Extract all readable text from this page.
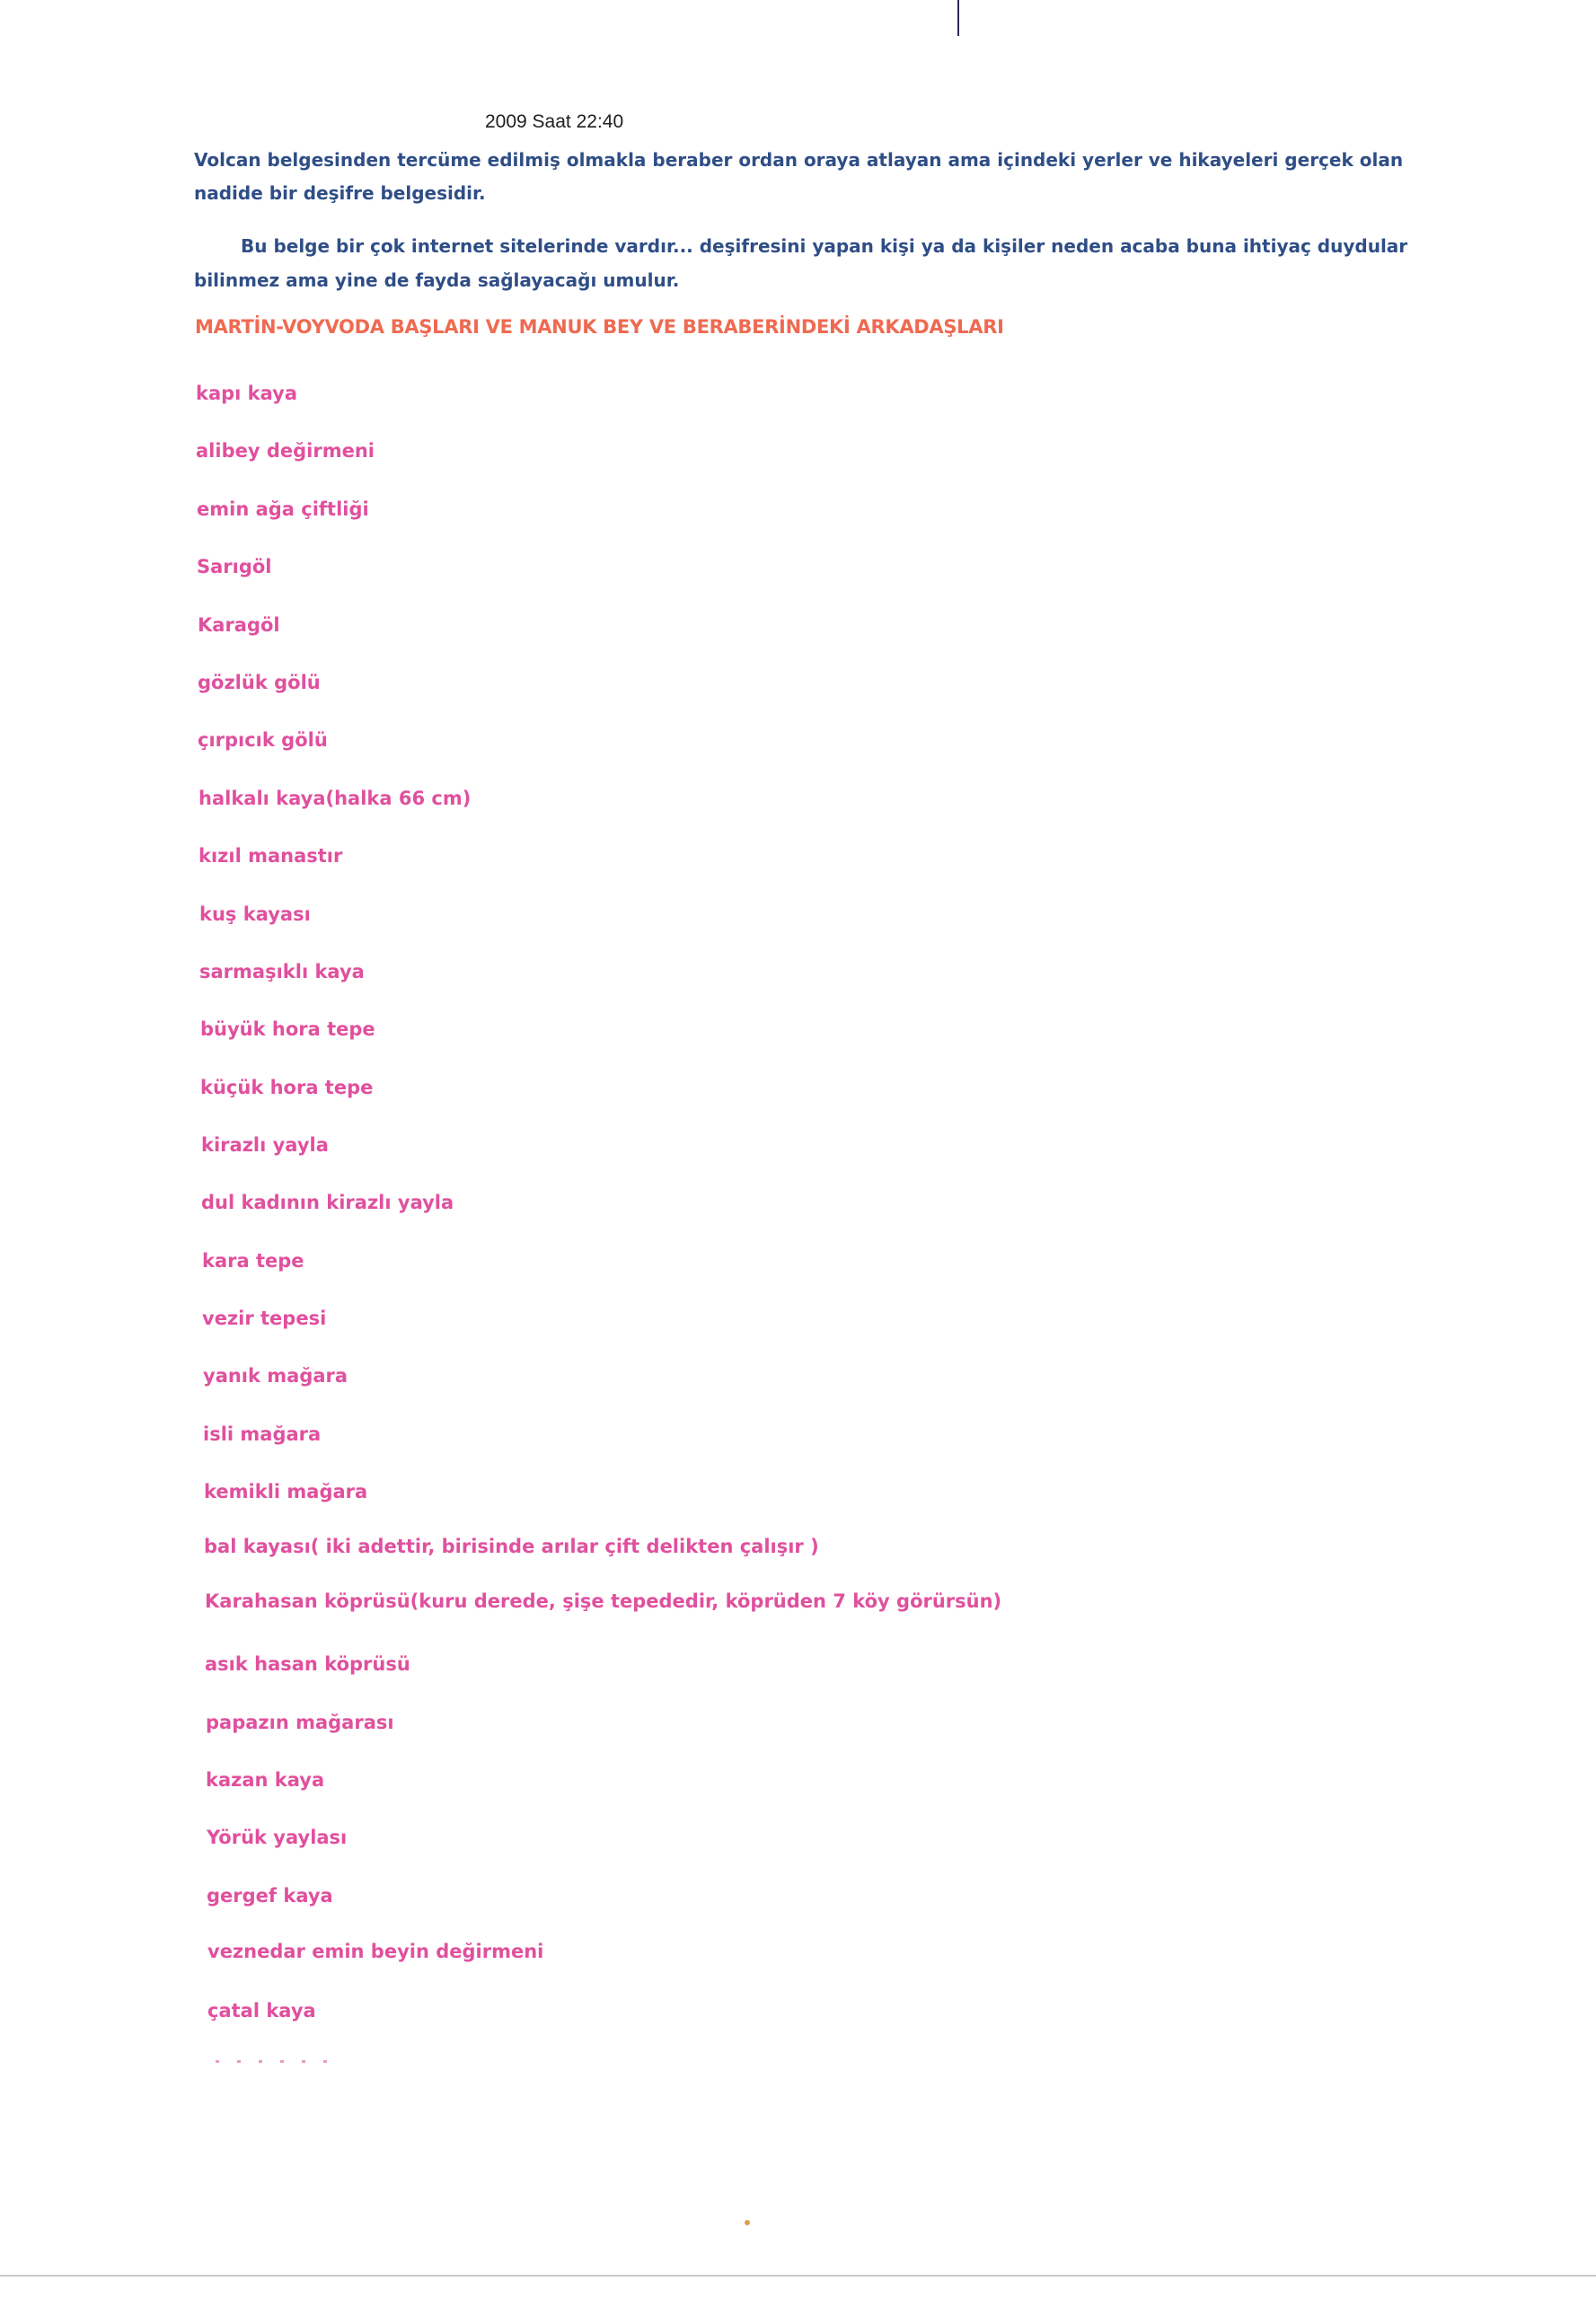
2009 Saat 22:40

Volcan belgesinden tercüme edilmiş olmakla beraber ordan oraya atlayan ama içindeki yerler ve hikayeleri gerçek olan nadide bir deşifre belgesidir.

Bu belge bir çok internet sitelerinde vardır... deşifresini yapan kişi ya da kişiler neden acaba buna ihtiyaç duydular bilinmez ama yine de fayda sağlayacağı umulur.

MARTİN-VOYVODA BAŞLARI VE MANUK BEY VE BERABERİNDEKİ ARKADAŞLARI
kapı kaya
alibey değirmeni
emin ağa çiftliği
Sarıgöl
Karagöl
gözlük gölü
çırpıcık gölü
halkalı kaya(halka 66 cm)
kızıl manastır
kuş kayası
sarmaşıklı kaya
büyük hora tepe
küçük hora tepe
kirazlı yayla
dul kadının kirazlı yayla
kara tepe
vezir tepesi
yanık mağara
isli mağara
kemikli mağara
bal kayası( iki adettir, birisinde arılar çift delikten çalışır )
Karahasan köprüsü(kuru derede, şişe tepededir, köprüden 7 köy görürsün)
asık hasan köprüsü
papazın mağarası
kazan kaya
Yörük yaylası
gergef kaya
veznedar emin beyin değirmeni
çatal kaya
